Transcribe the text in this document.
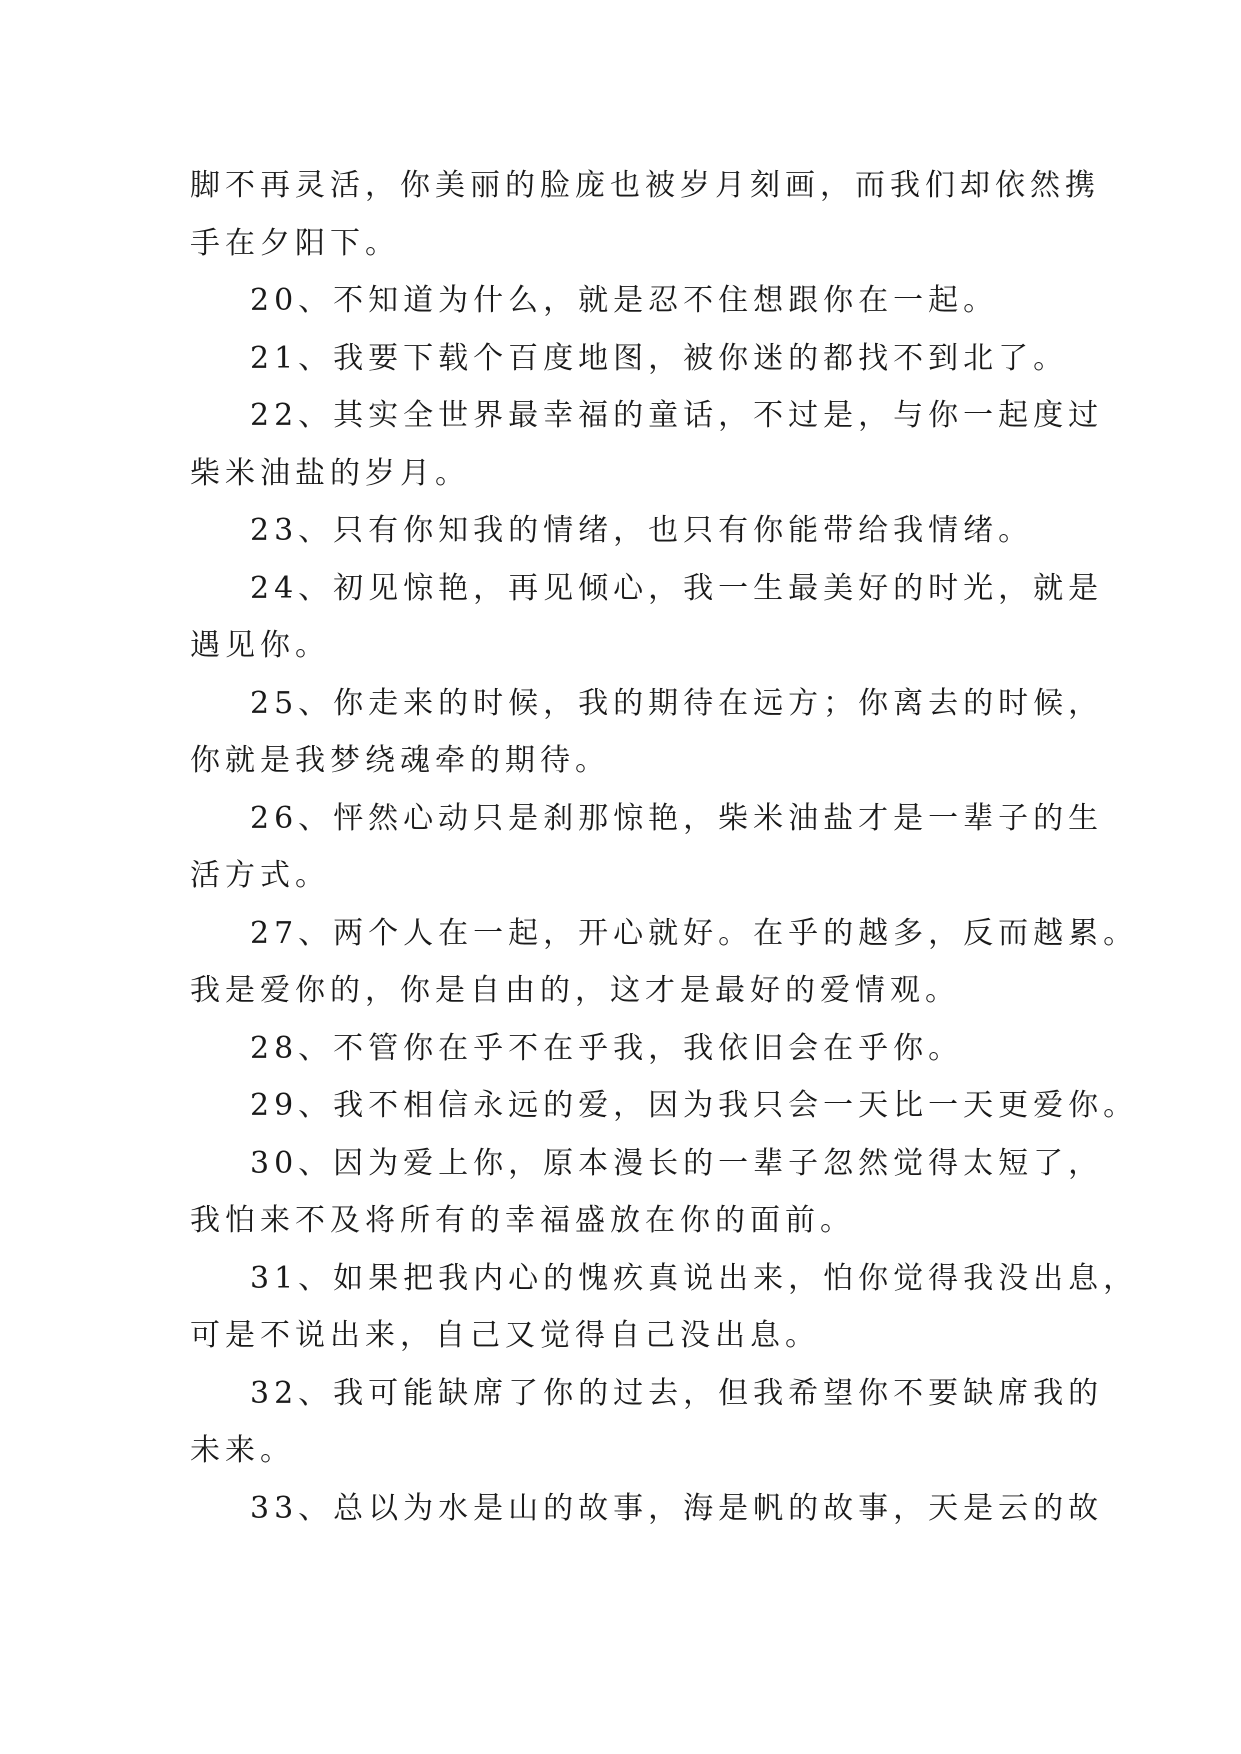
脚不再灵活，你美丽的脸庞也被岁月刻画，而我们却依然携
手在夕阳下。
20、不知道为什么，就是忍不住想跟你在一起。
21、我要下载个百度地图，被你迷的都找不到北了。
22、其实全世界最幸福的童话，不过是，与你一起度过
柴米油盐的岁月。
23、只有你知我的情绪，也只有你能带给我情绪。
24、初见惊艳，再见倾心，我一生最美好的时光，就是
遇见你。
25、你走来的时候，我的期待在远方；你离去的时候，
你就是我梦绕魂牵的期待。
26、怦然心动只是刹那惊艳，柴米油盐才是一辈子的生
活方式。
27、两个人在一起，开心就好。在乎的越多，反而越累。
我是爱你的，你是自由的，这才是最好的爱情观。
28、不管你在乎不在乎我，我依旧会在乎你。
29、我不相信永远的爱，因为我只会一天比一天更爱你。
30、因为爱上你，原本漫长的一辈子忽然觉得太短了，
我怕来不及将所有的幸福盛放在你的面前。
31、如果把我内心的愧疚真说出来，怕你觉得我没出息，
可是不说出来，自己又觉得自己没出息。
32、我可能缺席了你的过去，但我希望你不要缺席我的
未来。
33、总以为水是山的故事，海是帆的故事，天是云的故
